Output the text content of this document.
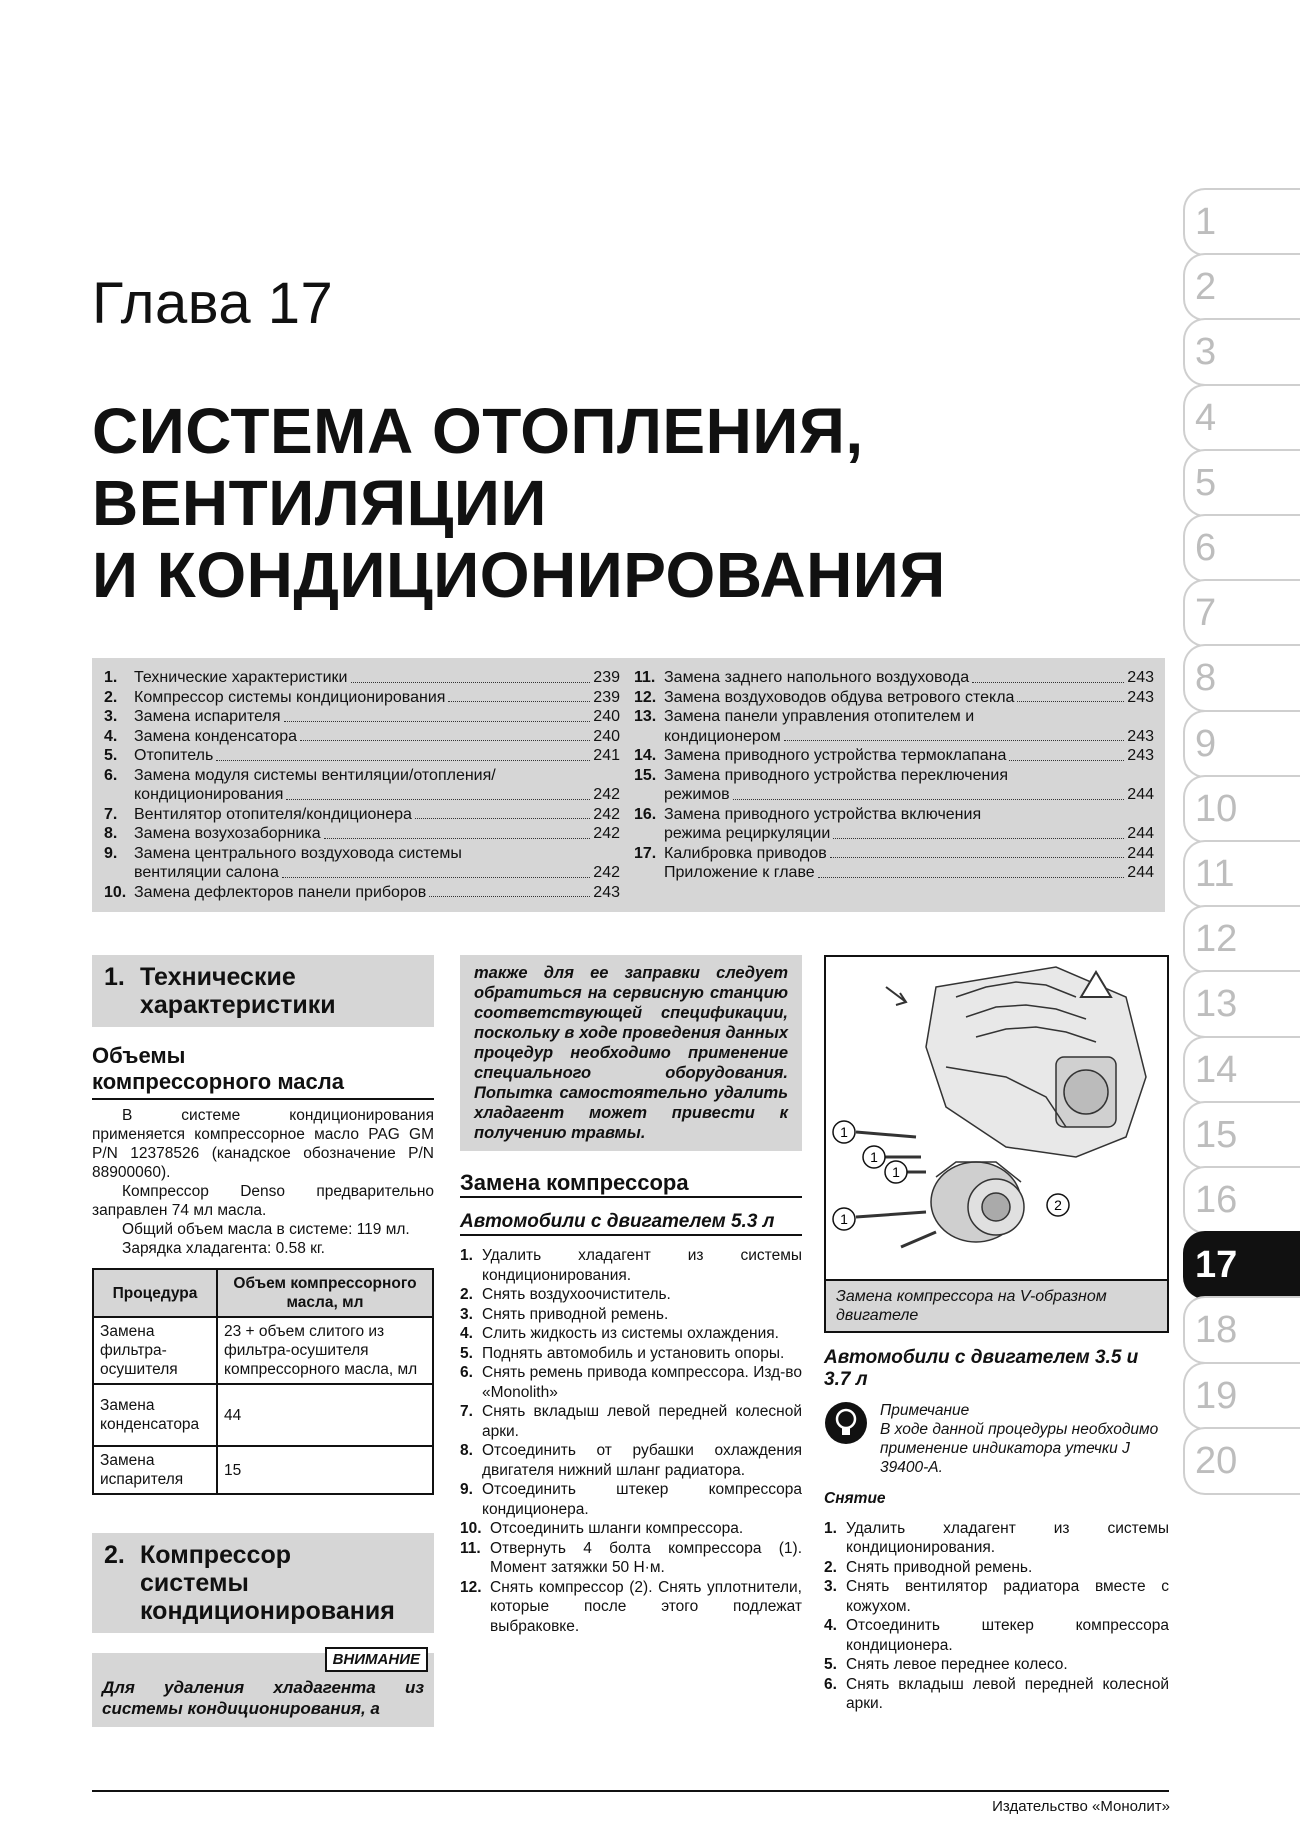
Глава 17
СИСТЕМА ОТОПЛЕНИЯ,
ВЕНТИЛЯЦИИ
И КОНДИЦИОНИРОВАНИЯ
1.	Технические характеристики	239
2.	Компрессор системы кондиционирования	239
3.	Замена испарителя	240
4.	Замена конденсатора	240
5.	Отопитель	241
6.	Замена модуля системы вентиляции/отопления/
кондиционирования	242
7.	Вентилятор отопителя/кондиционера	242
8.	Замена возухозаборника	242
9.	Замена центрального воздуховода системы
вентиляции салона	242
10. Замена дефлекторов панели приборов	243
11. Замена заднего напольного воздуховода	243
12. Замена воздуховодов обдува ветрового стекла	243
13. Замена панели управления отопителем и
кондиционером	243
14. Замена приводного устройства термоклапана	243
15. Замена приводного устройства переключения
режимов	244
16. Замена приводного устройства включения
режима рециркуляции	244
17. Калибровка приводов	244
Приложение к главе	244
1
2
3
4
5
6
7
8
9
10
11
12
13
14
15
16
17
18
19
20
1. Технические
характеристики
Объемы
компрессорного масла

В системе кондиционирования применяется компрессорное масло PAG GM P/N 12378526 (канадское обозначение P/N 88900060).

Компрессор Denso предварительно заправлен 74 мл масла.

Общий объем масла в системе: 119 мл.

Зарядка хладагента: 0.58 кг.

Процедура	Объем компрессорного масла, мл
Замена фильтра-осушителя	23 + объем слитого из фильтра-осушителя компрессорного масла, мл
Замена конденсатора	44
Замена испарителя	15
2. Компрессор
системы
кондиционирования
ВНИМАНИЕ
Для удаления хладагента из системы кондиционирования, а
также для ее заправки следует обратиться на сервисную станцию соответствующей спецификации, поскольку в ходе проведения данных процедур необходимо применение специального оборудования. Попытка самостоятельно удалить хладагент может привести к получению травмы.
Замена компрессора
Автомобили с двигателем 5.3 л
1. Удалить хладагент из системы кондиционирования.
2. Снять воздухоочиститель.
3. Снять приводной ремень.
4. Слить жидкость из системы охлаждения.
5. Поднять автомобиль и установить опоры.
6. Снять ремень привода компрессора. Изд-во «Monolith»
7. Снять вкладыш левой передней колесной арки.
8. Отсоединить от рубашки охлаждения двигателя нижний шланг радиатора.
9. Отсоединить штекер компрессора кондиционера.
10. Отсоединить шланги компрессора.
11. Отвернуть 4 болта компрессора (1). Момент затяжки 50 Н·м.
12. Снять компрессор (2). Снять уплотнители, которые после этого подлежат выбраковке.
1
1
1
1
2
Замена компрессора на V-образном двигателе
Автомобили с двигателем 3.5 и 3.7 л
Примечание
В ходе данной процедуры необходимо применение индикатора утечки J 39400-A.
Снятие
1. Удалить хладагент из системы кондиционирования.
2. Снять приводной ремень.
3. Снять вентилятор радиатора вместе с кожухом.
4. Отсоединить штекер компрессора кондиционера.
5. Снять левое переднее колесо.
6. Снять вкладыш левой передней колесной арки.
Издательство «Монолит»
